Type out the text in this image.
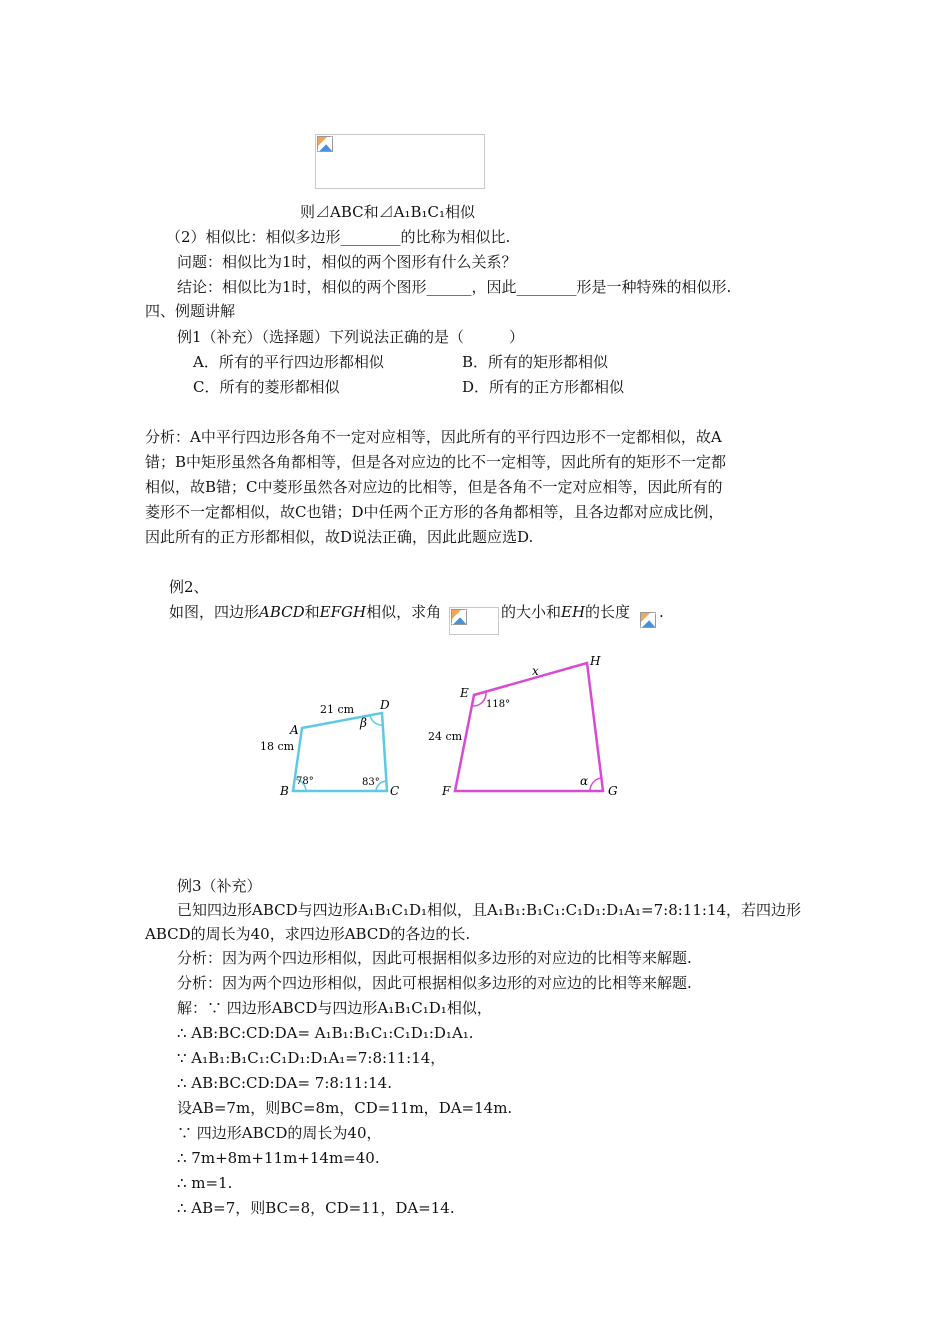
则⊿ABC和⊿A₁B₁C₁相似
（2）相似比：相似多边形________的比称为相似比.
问题：相似比为1时，相似的两个图形有什么关系？
结论：相似比为1时，相似的两个图形______，因此________形是一种特殊的相似形.
四、例题讲解
例1（补充）（选择题）下列说法正确的是（　　　）
A．所有的平行四边形都相似	B．所有的矩形都相似
C．所有的菱形都相似	D．所有的正方形都相似
分析：A中平行四边形各角不一定对应相等，因此所有的平行四边形不一定都相似，故A
错；B中矩形虽然各角都相等，但是各对应边的比不一定相等，因此所有的矩形不一定都
相似，故B错；C中菱形虽然各对应边的比相等，但是各角不一定对应相等，因此所有的
菱形不一定都相似，故C也错；D中任两个正方形的各角都相等，且各边都对应成比例，
因此所有的正方形都相似，故D说法正确，因此此题应选D.
例2、
如图，四边形ABCD和EFGH相似，求角	的大小和EH的长度 .
A
B	C
D
21 cm
18 cm
78°	83°
β
E
F	G
H
x
24 cm
118°
α
例3（补充）
已知四边形ABCD与四边形A₁B₁C₁D₁相似，且A₁B₁:B₁C₁:C₁D₁:D₁A₁=7:8:11:14，若四边形
ABCD的周长为40，求四边形ABCD的各边的长.
分析：因为两个四边形相似，因此可根据相似多边形的对应边的比相等来解题.
分析：因为两个四边形相似，因此可根据相似多边形的对应边的比相等来解题.
解：∵ 四边形ABCD与四边形A₁B₁C₁D₁相似，
∴ AB:BC:CD:DA= A₁B₁:B₁C₁:C₁D₁:D₁A₁.
∵ A₁B₁:B₁C₁:C₁D₁:D₁A₁=7:8:11:14，
∴ AB:BC:CD:DA= 7:8:11:14.
设AB=7m，则BC=8m，CD=11m，DA=14m.
∵ 四边形ABCD的周长为40，
∴ 7m+8m+11m+14m=40.
∴ m=1.
∴ AB=7，则BC=8，CD=11，DA=14.
